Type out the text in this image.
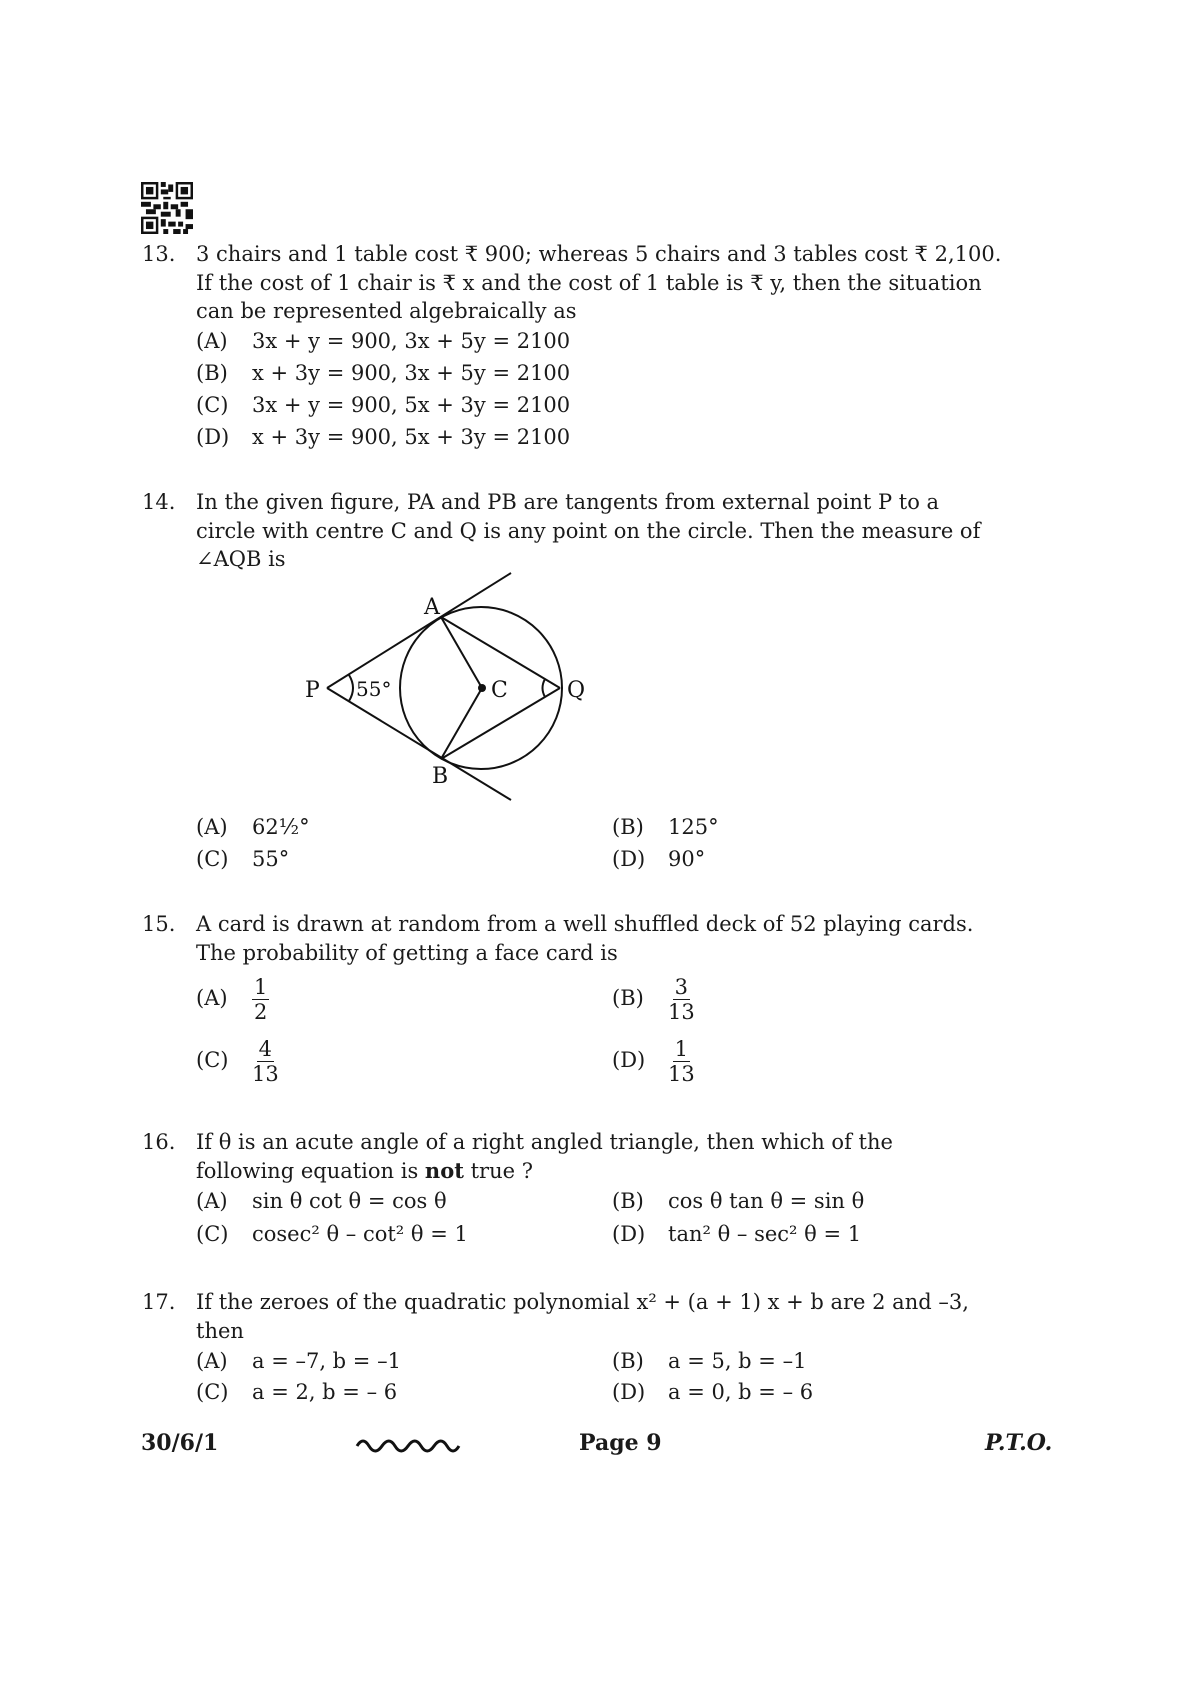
13. 3 chairs and 1 table cost ₹ 900; whereas 5 chairs and 3 tables cost ₹ 2,100.
If the cost of 1 chair is ₹ x and the cost of 1 table is ₹ y, then the situation
can be represented algebraically as
(A) 3x + y = 900, 3x + 5y = 2100
(B) x + 3y = 900, 3x + 5y = 2100
(C) 3x + y = 900, 5x + 3y = 2100
(D) x + 3y = 900, 5x + 3y = 2100
14. In the given figure, PA and PB are tangents from external point P to a
circle with centre C and Q is any point on the circle. Then the measure of
∠AQB is
P
A
B
C	Q
55°
(A) 62½°	(B) 125°
(C) 55°	(D) 90°
15. A card is drawn at random from a well shuffled deck of 52 playing cards.
The probability of getting a face card is
$(A) \frac{1}{2}$	$(B) \frac{3}{13}$
$(C) \frac{4}{13}$	$(D) \frac{1}{13}$
16. If θ is an acute angle of a right angled triangle, then which of the
following equation is not true ?
(A) sin θ cot θ = cos θ	(B) cos θ tan θ = sin θ
(C) cosec² θ – cot² θ = 1	(D) tan² θ – sec² θ = 1
17. If the zeroes of the quadratic polynomial x² + (a + 1) x + b are 2 and –3,
then
(A) a = –7, b = –1	(B) a = 5, b = –1
(C) a = 2, b = – 6	(D) a = 0, b = – 6
30/6/1	Page 9	P.T.O.
